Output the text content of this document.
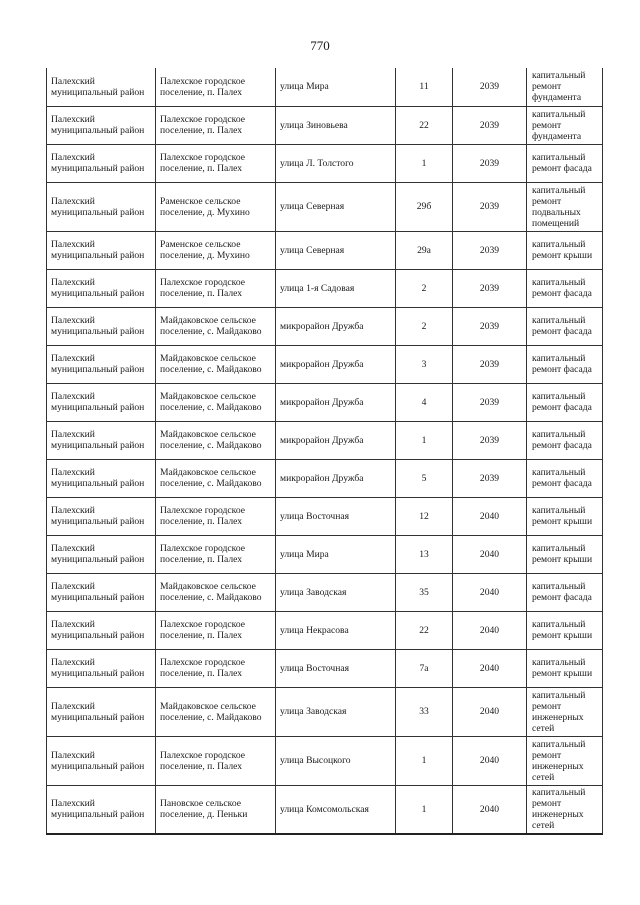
770
Палехский муниципальный район	Палехское городское поселение, п. Палех	улица Мира	11	2039	капитальный ремонт фундамента
Палехский муниципальный район	Палехское городское поселение, п. Палех	улица Зиновьева	22	2039	капитальный ремонт фундамента
Палехский муниципальный район	Палехское городское поселение, п. Палех	улица Л. Толстого	1	2039	капитальный ремонт фасада
Палехский муниципальный район	Раменское сельское поселение, д. Мухино	улица Северная	29б	2039	капитальный ремонт подвальных помещений
Палехский муниципальный район	Раменское сельское поселение, д. Мухино	улица Северная	29а	2039	капитальный ремонт крыши
Палехский муниципальный район	Палехское городское поселение, п. Палех	улица 1-я Садовая	2	2039	капитальный ремонт фасада
Палехский муниципальный район	Майдаковское сельское поселение, с. Майдаково	микрорайон Дружба	2	2039	капитальный ремонт фасада
Палехский муниципальный район	Майдаковское сельское поселение, с. Майдаково	микрорайон Дружба	3	2039	капитальный ремонт фасада
Палехский муниципальный район	Майдаковское сельское поселение, с. Майдаково	микрорайон Дружба	4	2039	капитальный ремонт фасада
Палехский муниципальный район	Майдаковское сельское поселение, с. Майдаково	микрорайон Дружба	1	2039	капитальный ремонт фасада
Палехский муниципальный район	Майдаковское сельское поселение, с. Майдаково	микрорайон Дружба	5	2039	капитальный ремонт фасада
Палехский муниципальный район	Палехское городское поселение, п. Палех	улица Восточная	12	2040	капитальный ремонт крыши
Палехский муниципальный район	Палехское городское поселение, п. Палех	улица Мира	13	2040	капитальный ремонт крыши
Палехский муниципальный район	Майдаковское сельское поселение, с. Майдаково	улица Заводская	35	2040	капитальный ремонт фасада
Палехский муниципальный район	Палехское городское поселение, п. Палех	улица Некрасова	22	2040	капитальный ремонт крыши
Палехский муниципальный район	Палехское городское поселение, п. Палех	улица Восточная	7а	2040	капитальный ремонт крыши
Палехский муниципальный район	Майдаковское сельское поселение, с. Майдаково	улица Заводская	33	2040	капитальный ремонт инженерных сетей
Палехский муниципальный район	Палехское городское поселение, п. Палех	улица Высоцкого	1	2040	капитальный ремонт инженерных сетей
Палехский муниципальный район	Пановское сельское поселение, д. Пеньки	улица Комсомольская	1	2040	капитальный ремонт инженерных сетей
